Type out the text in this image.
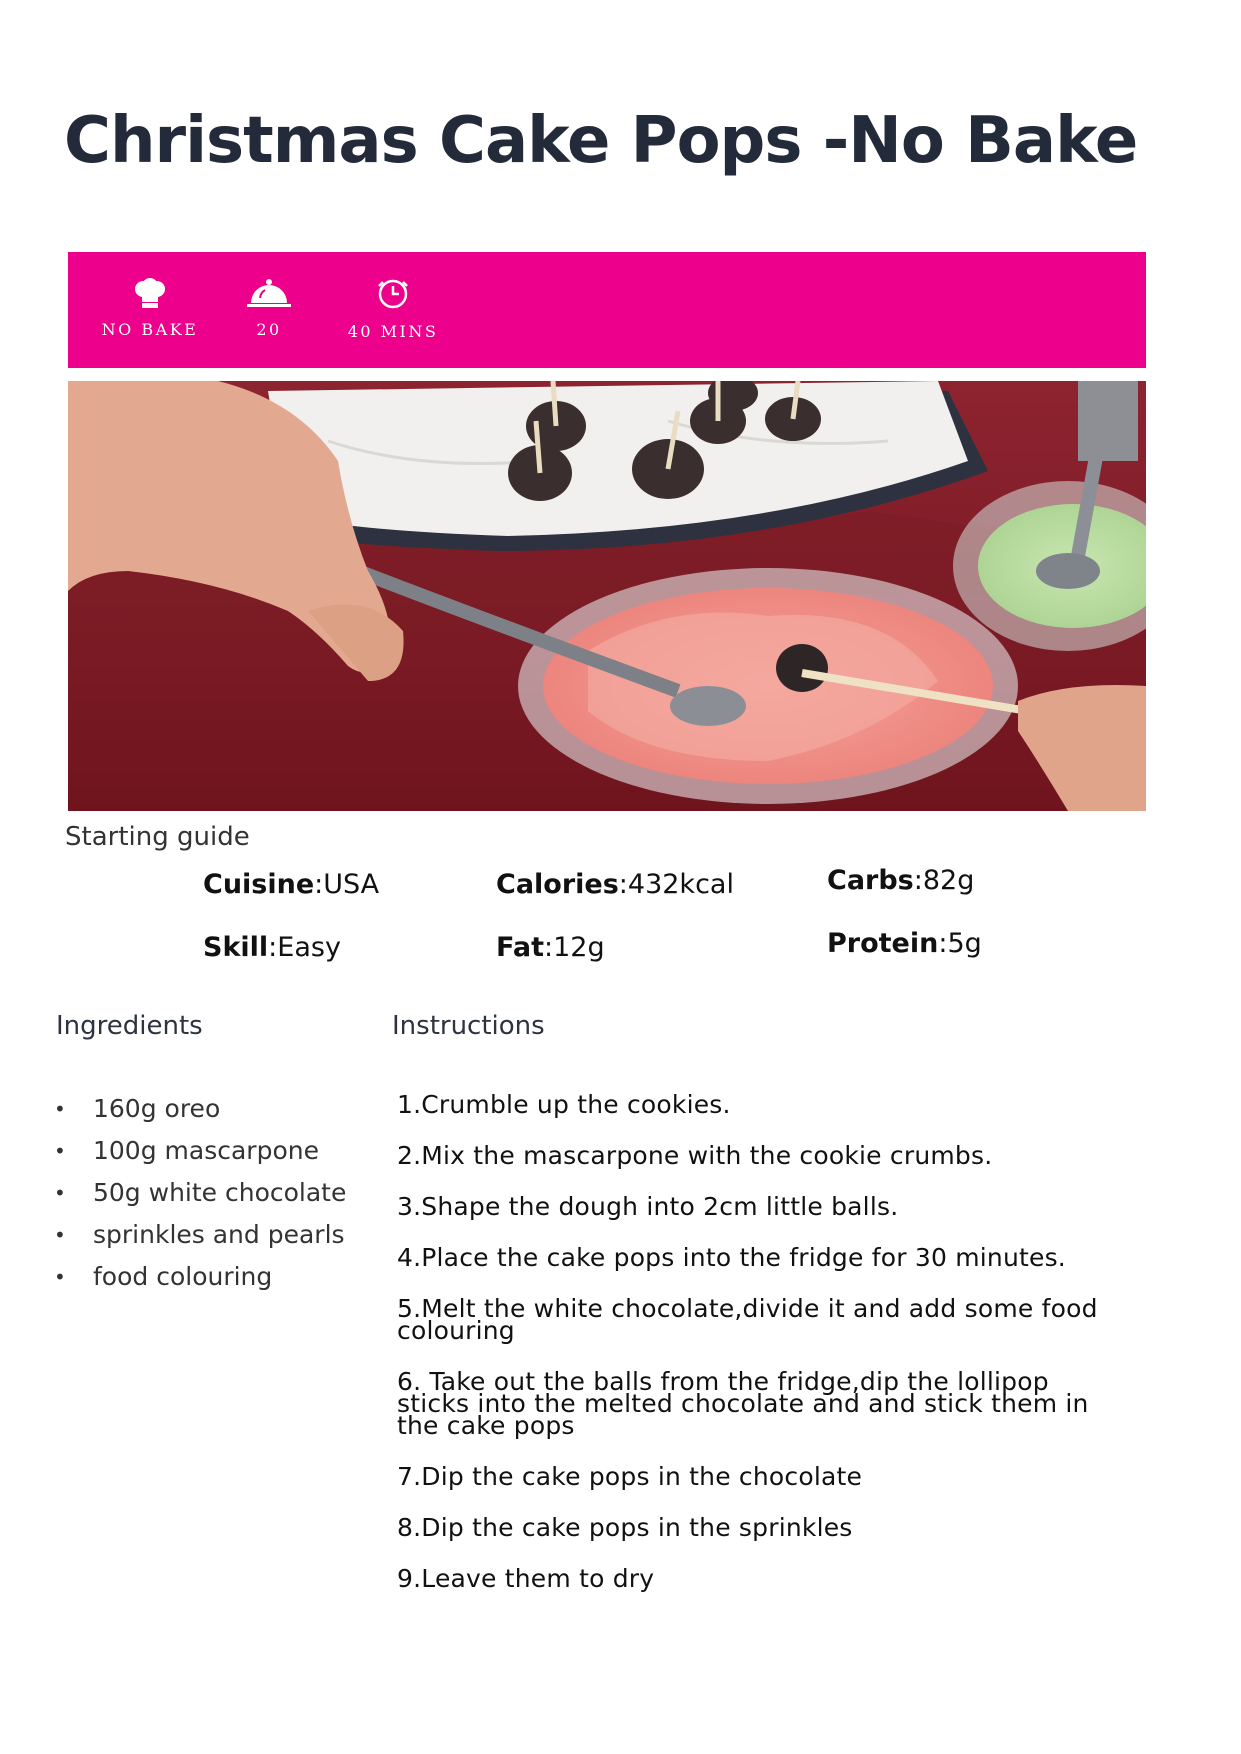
Christmas Cake Pops -No Bake
NO BAKE	20	40 MINS
Starting guide
Cuisine:USA	Calories:432kcal	Carbs:82g
Skill:Easy	Fat:12g	Protein:5g
Ingredients	Instructions
• 160g oreo
• 100g mascarpone
• 50g white chocolate
• sprinkles and pearls
• food colouring

1.Crumble up the cookies.

2.Mix the mascarpone with the cookie crumbs.

3.Shape the dough into 2cm little balls.

4.Place the cake pops into the fridge for 30 minutes.

5.Melt the white chocolate,divide it and add some food colouring

6. Take out the balls from the fridge,dip the lollipop sticks into the melted chocolate and and stick them in the cake pops

7.Dip the cake pops in the chocolate

8.Dip the cake pops in the sprinkles

9.Leave them to dry
